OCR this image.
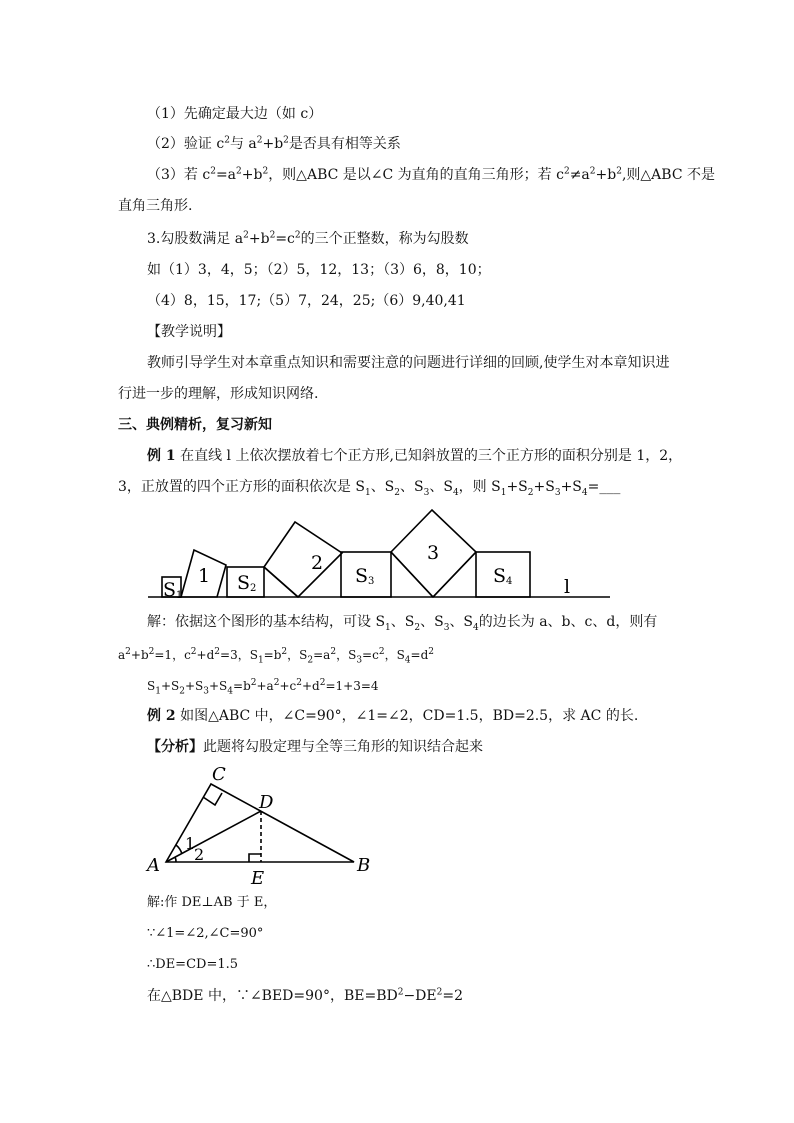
（1）先确定最大边（如 c）
（2）验证 $c^2$与 $a^2+b^2$是否具有相等关系
（3）若 $c^2=a^2+b^2$，则△ABC 是以∠C 为直角的直角三角形；若 $c^2\ne a^2+b^2$,则△ABC 不是
直角三角形.
3.勾股数满足 $a^2+b^2=c^2$的三个正整数，称为勾股数
如（1）3，4，5；（2）5，12，13；（3）6，8，10；
（4）8，15，17;（5）7，24，25;（6）9,40,41
【教学说明】
教师引导学生对本章重点知识和需要注意的问题进行详细的回顾,使学生对本章知识进
行进一步的理解，形成知识网络.
三、典例精析，复习新知
例 1 在直线 l 上依次摆放着七个正方形,已知斜放置的三个正方形的面积分别是 1，2，
3，正放置的四个正方形的面积依次是 $S_1$、$S_2$、$S_3$、$S_4$，则 $S_1+S_2+S_3+S_4=\_\_\_$
1
2	3
S 1
S 2
S 3	S 4	l
解：依据这个图形的基本结构，可设 $S_1$、$S_2$、$S_3$、$S_4$的边长为 a、b、c、d，则有
$a^2+b^2=1$，$c^2+d^2=3$，$S_1=b^2$，$S_2=a^2$，$S_3=c^2$，$S_4=d^2$
$S_1+S_2+S_3+S_4=b^2+a^2+c^2+d^2=1+3=4$
例 2 如图△ABC 中，∠C=90°，∠1=∠2，CD=1.5，BD=2.5，求 AC 的长.
【分析】此题将勾股定理与全等三角形的知识结合起来
C
D
A	B
E
1
2
解:作 DE⊥AB 于 E，
∵∠1=∠2,∠C=90°
∴DE=CD=1.5
在△BDE 中，∵∠BED=90°，$BE=BD^2-DE^2=2$
